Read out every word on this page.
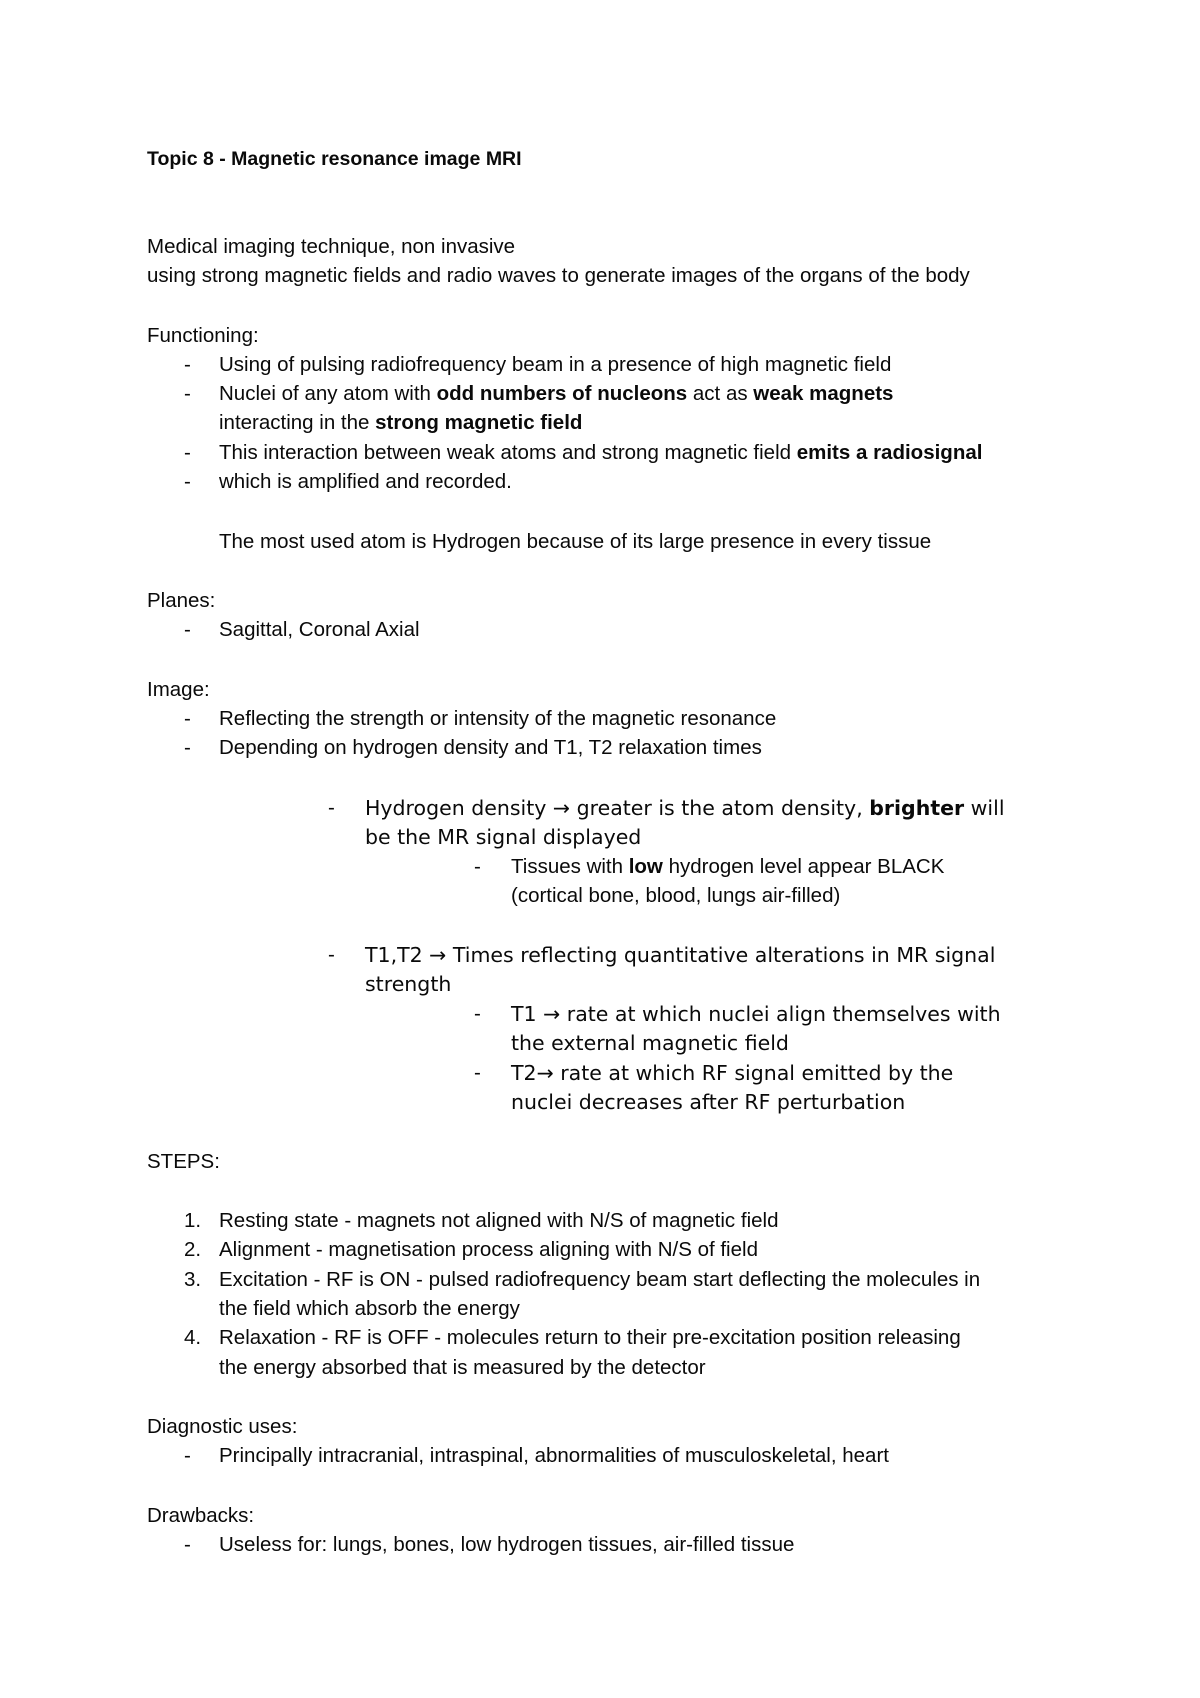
Topic 8 - Magnetic resonance image MRI
Medical imaging technique, non invasive
using strong magnetic fields and radio waves to generate images of the organs of the body
Functioning:
- Using of pulsing radiofrequency beam in a presence of high magnetic field
- Nuclei of any atom with odd numbers of nucleons act as weak magnets
interacting in the strong magnetic field
- This interaction between weak atoms and strong magnetic field emits a radiosignal
- which is amplified and recorded.
The most used atom is Hydrogen because of its large presence in every tissue
Planes:
- Sagittal, Coronal Axial
Image:
- Reflecting the strength or intensity of the magnetic resonance
- Depending on hydrogen density and T1, T2 relaxation times
- Hydrogen density → greater is the atom density, brighter will
be the MR signal displayed
- Tissues with low hydrogen level appear BLACK
(cortical bone, blood, lungs air-filled)
- T1,T2 → Times reflecting quantitative alterations in MR signal
strength
- T1 → rate at which nuclei align themselves with
the external magnetic field
- T2→ rate at which RF signal emitted by the
nuclei decreases after RF perturbation
STEPS:
1. Resting state - magnets not aligned with N/S of magnetic field
2. Alignment - magnetisation process aligning with N/S of field
3. Excitation - RF is ON - pulsed radiofrequency beam start deflecting the molecules in
the field which absorb the energy
4. Relaxation - RF is OFF - molecules return to their pre-excitation position releasing
the energy absorbed that is measured by the detector
Diagnostic uses:
- Principally intracranial, intraspinal, abnormalities of musculoskeletal, heart
Drawbacks:
- Useless for: lungs, bones, low hydrogen tissues, air-filled tissue
